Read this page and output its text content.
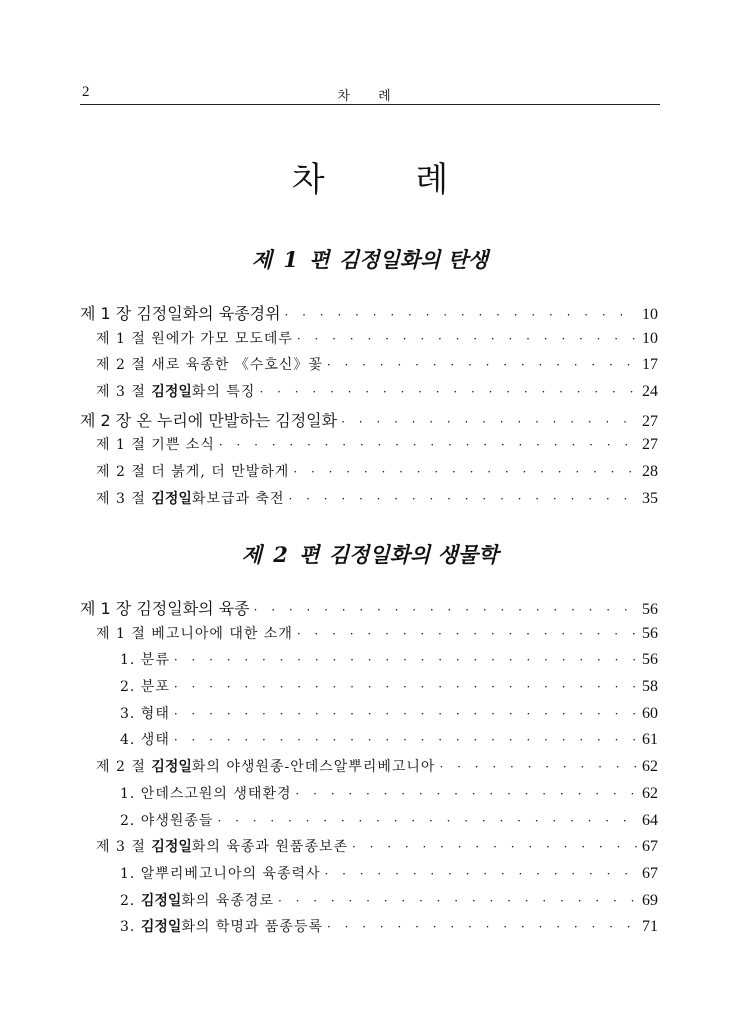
2	차 례
차 례
제 1 편 김정일화의 탄생
제 1 장 김정일화의 육종경위 · · ·	10
제 1 절 원에가 가모 모도데루 · · ·	10
제 2 절 새로 육종한 《수호신》꽃 · · ·	17
제 3 절 김정일화의 특징 · · ·	24
제 2 장 온 누리에 만발하는 김정일화 · · ·	27
제 1 절 기쁜 소식 · · ·	27
제 2 절 더 붉게, 더 만발하게 · · ·	28
제 3 절 김정일화보급과 축전 · · ·	35
제 2 편 김정일화의 생물학
제 1 장 김정일화의 육종 · · ·	56
제 1 절 베고니아에 대한 소개 · · ·	56
1. 분류 · · ·	56
2. 분포 · · ·	58
3. 형태 · · ·	60
4. 생태 · · ·	61
제 2 절 김정일화의 야생원종-안데스알뿌리베고니아 · · ·	62
1. 안데스고원의 생태환경 · · ·	62
2. 야생원종들 · · ·	64
제 3 절 김정일화의 육종과 원품종보존 · · ·	67
1. 알뿌리베고니아의 육종력사 · · ·	67
2. 김정일화의 육종경로 · · ·	69
3. 김정일화의 학명과 품종등록 · · ·	71
